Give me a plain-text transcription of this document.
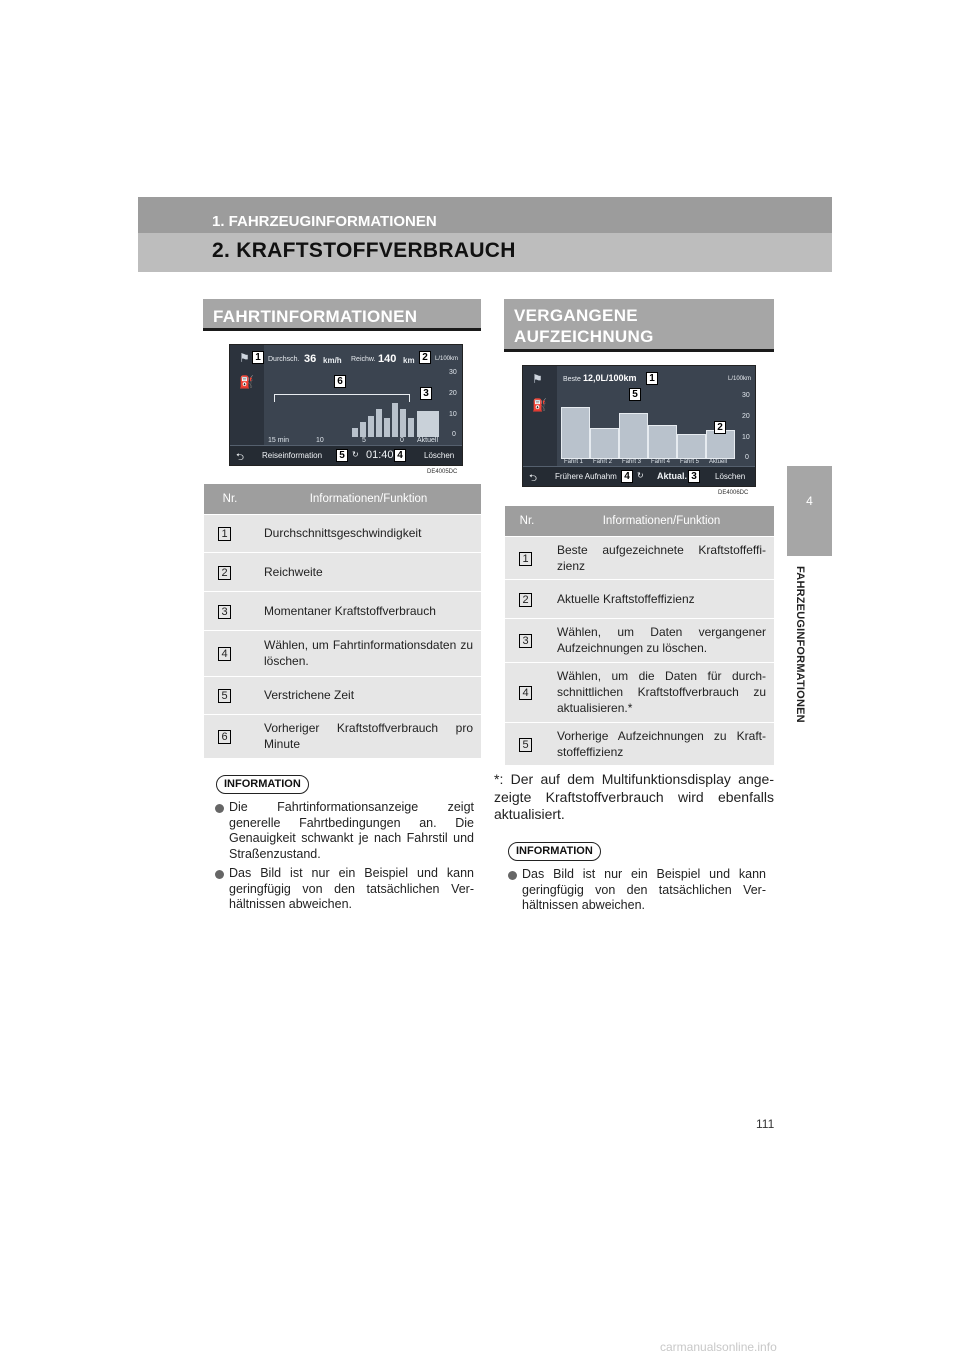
1. FAHRZEUGINFORMATIONEN
2. KRAFTSTOFFVERBRAUCH
4
FAHRZEUGINFORMATIONEN
FAHRTINFORMATIONEN
⚑
⛽
Durchsch. 36 km/h Reichw. 140 km	L/100km
30
20
10
0
15 min	10	5	0 Aktuell
⮌ Reiseinformation	↻ 01:40	Löschen
1	2
3
4
5
6
DE4005DC
Nr.	Informationen/Funktion
1	Durchschnittsgeschwindigkeit
2	Reichweite
3	Momentaner Kraftstoffverbrauch
4	Wählen, um Fahrtinformationsdaten zu löschen.
5	Verstrichene Zeit
6	Vorheriger Kraftstoffverbrauch pro Minute
INFORMATION
Die Fahrtinformationsanzeige zeigt generelle Fahrtbedingungen an. Die Genauigkeit schwankt je nach Fahrstil und Straßenzustand.
Das Bild ist nur ein Beispiel und kann geringfügig von den tatsächlichen Ver-hältnissen abweichen.
VERGANGENE
AUFZEICHNUNG
⚑
⛽
Beste 12,0L/100km	L/100km
30
20
10
0
Fahrt 1 Fahrt 2 Fahrt 3 Fahrt 4 Fahrt 5 Aktuell
⮌ Frühere Aufnahm	↻ Aktual.	Löschen
1
2
3
4
5
DE4006DC
Nr.	Informationen/Funktion
1	Beste aufgezeichnete Kraftstoffeffi-zienz
2	Aktuelle Kraftstoffeffizienz
3	Wählen, um Daten vergangener Aufzeichnungen zu löschen.
4	Wählen, um die Daten für durch-schnittlichen Kraftstoffverbrauch zu aktualisieren.*
5	Vorherige Aufzeichnungen zu Kraft-stoffeffizienz
*: Der auf dem Multifunktionsdisplay ange-zeigte Kraftstoffverbrauch wird ebenfalls aktualisiert.
INFORMATION
Das Bild ist nur ein Beispiel und kann geringfügig von den tatsächlichen Ver-hältnissen abweichen.
111
carmanualsonline.info
